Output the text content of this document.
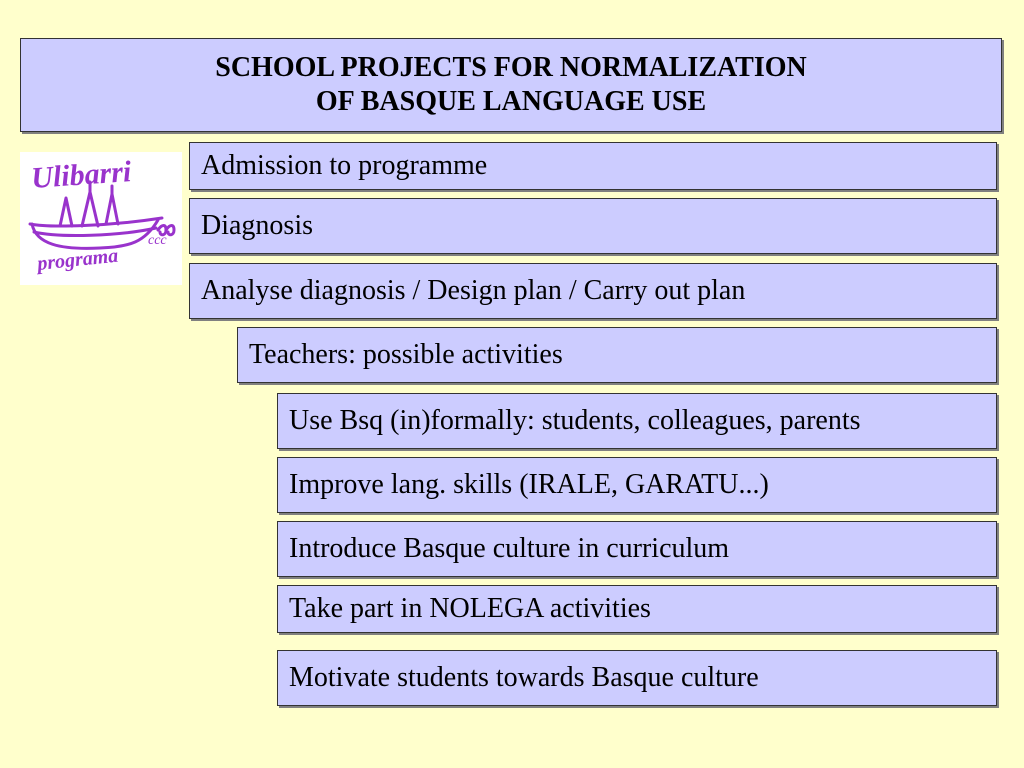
SCHOOL PROJECTS FOR NORMALIZATION
OF BASQUE LANGUAGE USE
Ulibarri
programa
ccc
Admission to programme
Diagnosis
Analyse diagnosis / Design plan / Carry out plan
Teachers: possible activities
Use Bsq (in)formally: students, colleagues, parents
Improve lang. skills (IRALE, GARATU...)
Introduce Basque culture in curriculum
Take part in NOLEGA activities
Motivate students towards Basque culture
